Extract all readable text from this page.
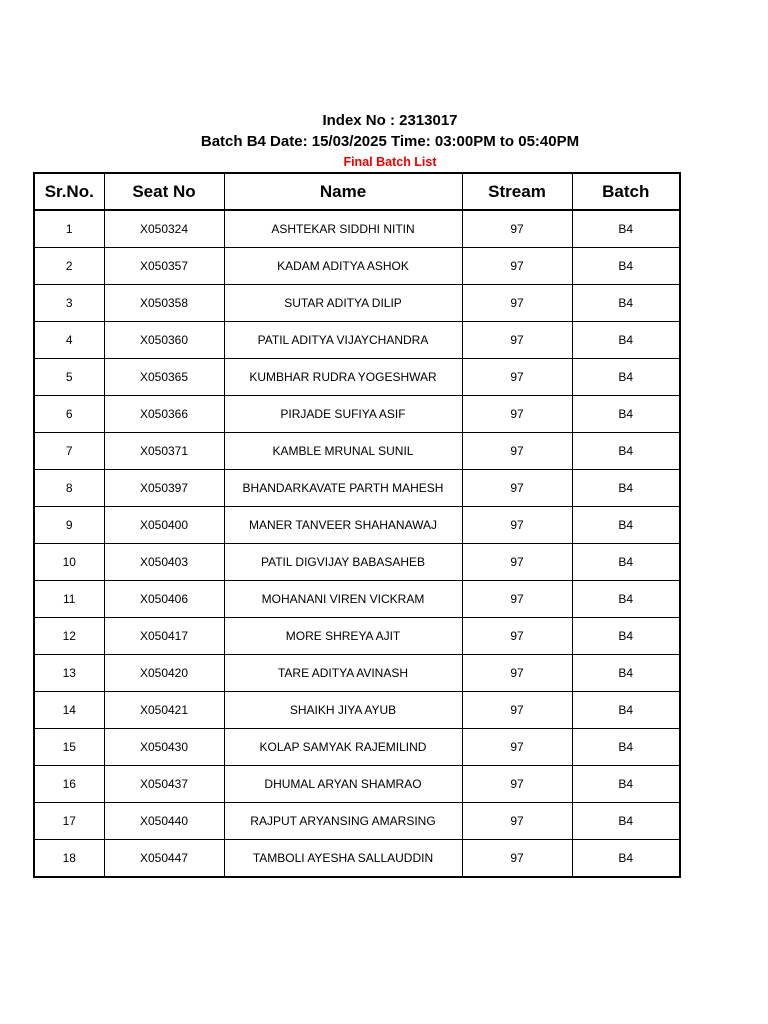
Index No : 2313017
Batch B4 Date: 15/03/2025 Time: 03:00PM to 05:40PM
Final Batch List
Sr.No.	Seat No	Name	Stream	Batch
1	X050324	ASHTEKAR SIDDHI NITIN	97	B4
2	X050357	KADAM ADITYA ASHOK	97	B4
3	X050358	SUTAR ADITYA DILIP	97	B4
4	X050360	PATIL ADITYA VIJAYCHANDRA	97	B4
5	X050365	KUMBHAR RUDRA YOGESHWAR	97	B4
6	X050366	PIRJADE SUFIYA ASIF	97	B4
7	X050371	KAMBLE MRUNAL SUNIL	97	B4
8	X050397	BHANDARKAVATE PARTH MAHESH	97	B4
9	X050400	MANER TANVEER SHAHANAWAJ	97	B4
10	X050403	PATIL DIGVIJAY BABASAHEB	97	B4
11	X050406	MOHANANI VIREN VICKRAM	97	B4
12	X050417	MORE SHREYA AJIT	97	B4
13	X050420	TARE ADITYA AVINASH	97	B4
14	X050421	SHAIKH JIYA AYUB	97	B4
15	X050430	KOLAP SAMYAK RAJEMILIND	97	B4
16	X050437	DHUMAL ARYAN SHAMRAO	97	B4
17	X050440	RAJPUT ARYANSING AMARSING	97	B4
18	X050447	TAMBOLI AYESHA SALLAUDDIN	97	B4
